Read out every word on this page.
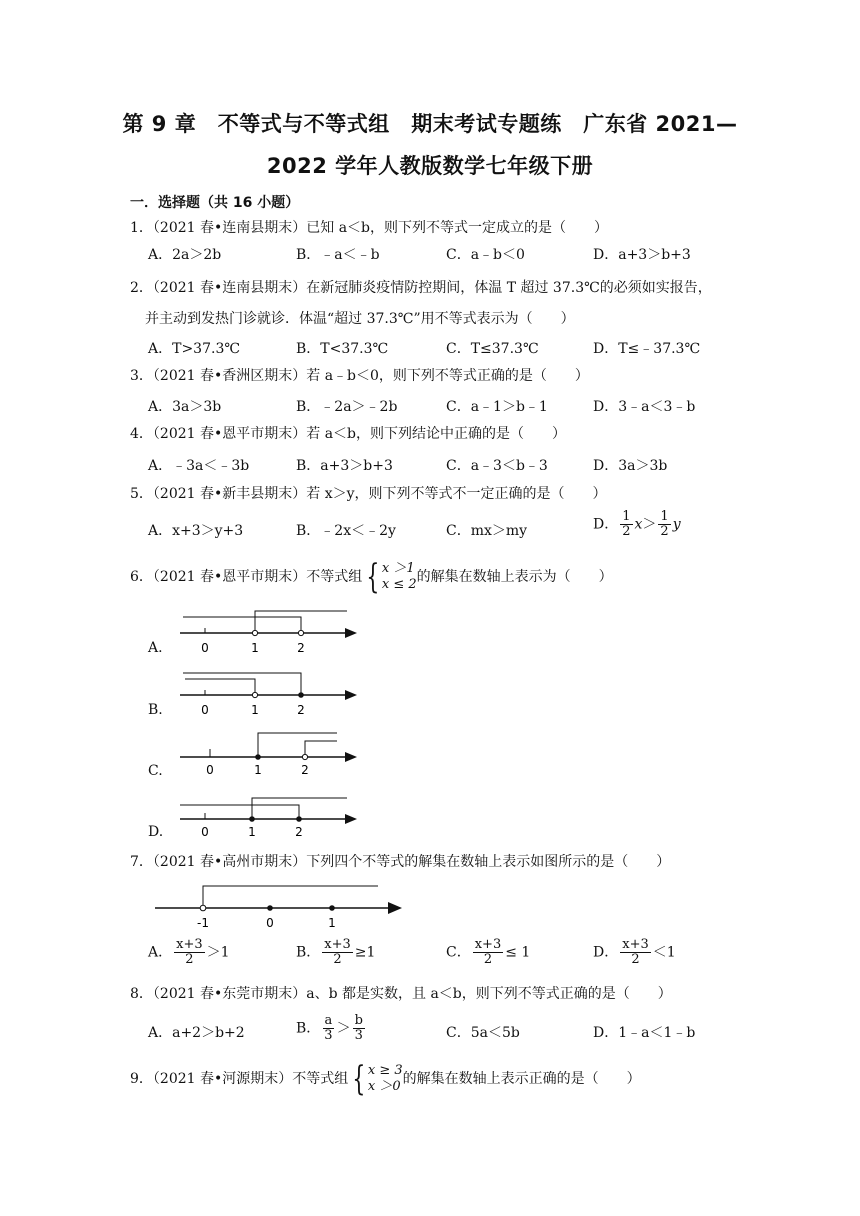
第 9 章　不等式与不等式组　期末考试专题练　广东省 2021—
2022 学年人教版数学七年级下册
一．选择题（共 16 小题）
1．（2021 春•连南县期末）已知 a＜b，则下列不等式一定成立的是（　　）
A．2a＞2b	B．﹣a＜﹣b	C．a﹣b＜0	D．a+3＞b+3
2．（2021 春•连南县期末）在新冠肺炎疫情防控期间，体温 T 超过 37.3℃的必须如实报告，
并主动到发热门诊就诊．体温“超过 37.3℃”用不等式表示为（　　）
A．T>37.3℃	B．T<37.3℃	C．T≤37.3℃	D．T≤﹣37.3℃
3．（2021 春•香洲区期末）若 a﹣b＜0，则下列不等式正确的是（　　）
A．3a＞3b	B．﹣2a＞﹣2b	C．a﹣1＞b﹣1	D．3﹣a＜3﹣b
4．（2021 春•恩平市期末）若 a＜b，则下列结论中正确的是（　　）
A．﹣3a＜﹣3b	B．a+3＞b+3	C．a﹣3＜b﹣3	D．3a＞3b
5．（2021 春•新丰县期末）若 x＞y，则下列不等式不一定正确的是（　　）
A．x+3＞y+3	B．﹣2x＜﹣2y	C．mx＞my	D． $\frac{1}{2} x> \frac{1}{2}$ y
6．（2021 春•恩平市期末）不等式组 { x ＞1
x ≤ 2 的解集在数轴上表示为（　　）
A.	0	1	2
B.	0	1	2
C.	0	1	2
D.	0	1	2
7．（2021 春•高州市期末）下列四个不等式的解集在数轴上表示如图所示的是（　　）
-1	0	1
A． $\frac{x+3}{2} >1$	B． $\frac{x+3}{2} \ge 1$	C． $\frac{x+3}{2} \le 1$	D． $\frac{x+3}{2} <1$
8．（2021 春•东莞市期末）a、b 都是实数，且 a＜b，则下列不等式正确的是（　　）
A．a+2＞b+2	B． $\frac{a}{3} > \frac{b}{3}$	C．5a＜5b	D．1﹣a＜1﹣b
9．（2021 春•河源期末）不等式组 { x ≥ 3
x ＞0 的解集在数轴上表示正确的是（　　）
